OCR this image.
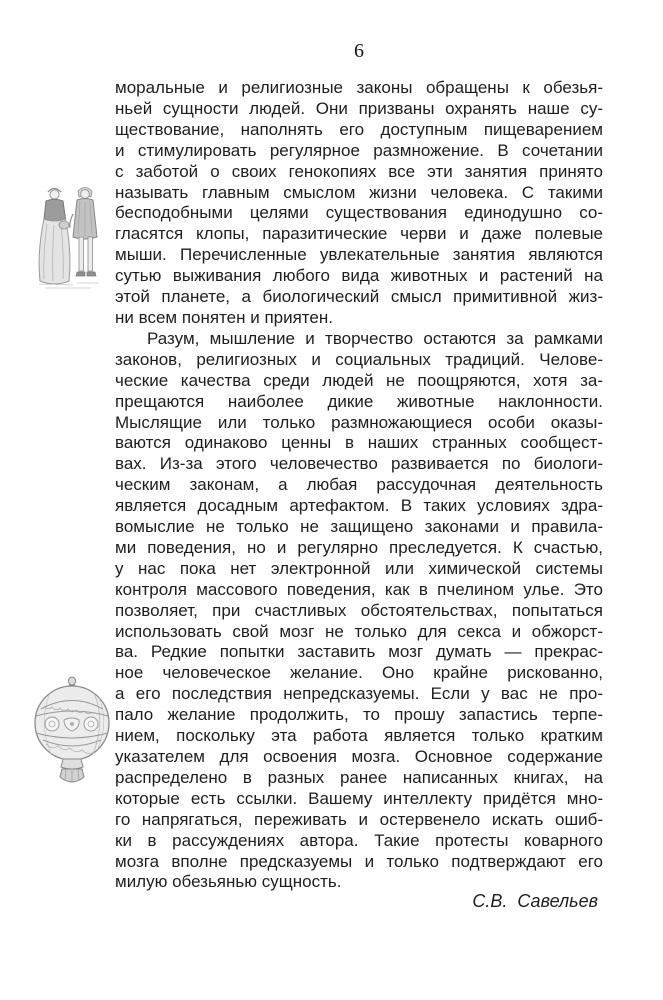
6
моральные и религиозные законы обращены к обезья-
ньей сущности людей. Они призваны охранять наше су-
ществование, наполнять его доступным пищеварением
и стимулировать регулярное размножение. В сочетании
с заботой о своих генокопиях все эти занятия принято
называть главным смыслом жизни человека. С такими
бесподобными целями существования единодушно со-
гласятся клопы, паразитические черви и даже полевые
мыши. Перечисленные увлекательные занятия являются
сутью выживания любого вида животных и растений на
этой планете, а биологический смысл примитивной жиз-
ни всем понятен и приятен.
Разум, мышление и творчество остаются за рамками
законов, религиозных и социальных традиций. Челове-
ческие качества среди людей не поощряются, хотя за-
прещаются наиболее дикие животные наклонности.
Мыслящие или только размножающиеся особи оказы-
ваются одинаково ценны в наших странных сообщест-
вах. Из-за этого человечество развивается по биологи-
ческим законам, а любая рассудочная деятельность
является досадным артефактом. В таких условиях здра-
вомыслие не только не защищено законами и правила-
ми поведения, но и регулярно преследуется. К счастью,
у нас пока нет электронной или химической системы
контроля массового поведения, как в пчелином улье. Это
позволяет, при счастливых обстоятельствах, попытаться
использовать свой мозг не только для секса и обжорст-
ва. Редкие попытки заставить мозг думать — прекрас-
ное человеческое желание. Оно крайне рискованно,
а его последствия непредсказуемы. Если у вас не про-
пало желание продолжить, то прошу запастись терпе-
нием, поскольку эта работа является только кратким
указателем для освоения мозга. Основное содержание
распределено в разных ранее написанных книгах, на
которые есть ссылки. Вашему интеллекту придётся мно-
го напрягаться, переживать и остервенело искать ошиб-
ки в рассуждениях автора. Такие протесты коварного
мозга вполне предсказуемы и только подтверждают его
милую обезьянью сущность.
С.В. Савельев
